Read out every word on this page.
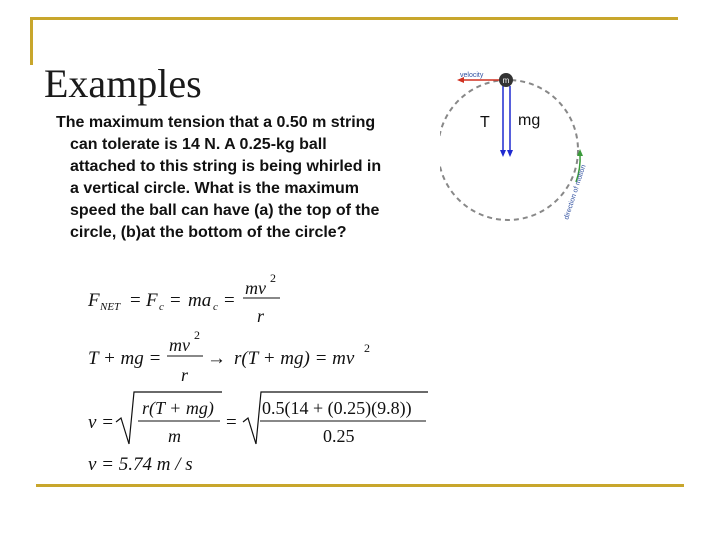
Examples
The maximum tension that a 0.50 m string can tolerate is 14 N. A 0.25-kg ball attached to this string is being whirled in a vertical circle. What is the maximum speed the ball can have (a) the top of the circle, (b)at the bottom of the circle?
velocity
m
direction of motion
T mg
F NET = F c = ma c =
mv 2
r
T + mg =
mv 2
r
→ r(T + mg) = mv 2
v =
r(T + mg)
m
=
0.5(14 + (0.25)(9.8))
0.25
v = 5.74 m / s
